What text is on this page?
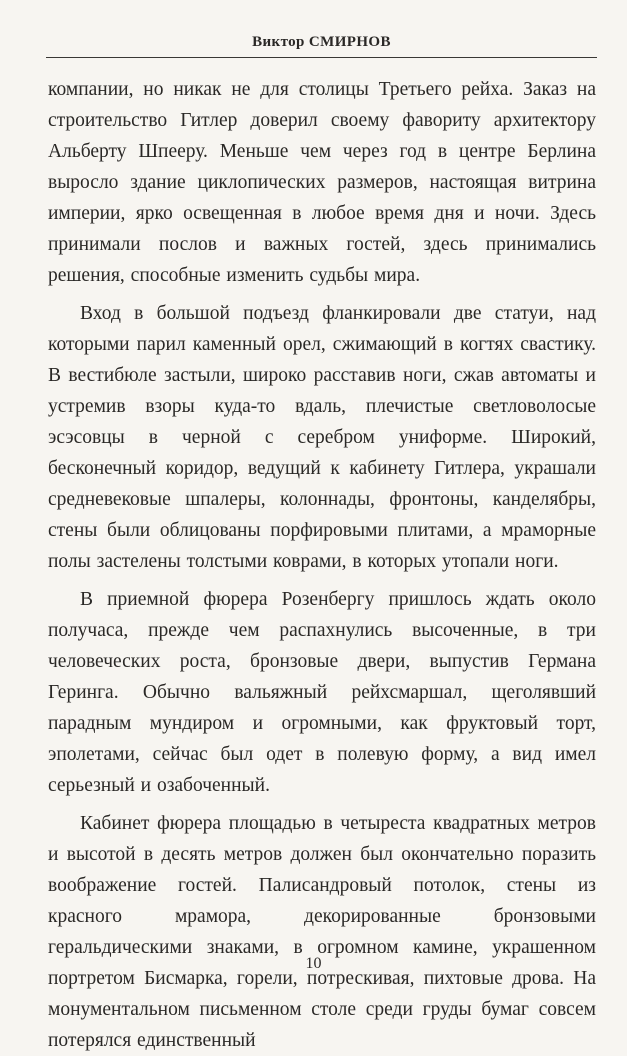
Виктор СМИРНОВ

компании, но никак не для столицы Третьего рейха. Заказ на строительство Гитлер доверил своему фавориту архитектору Альберту Шпееру. Меньше чем через год в центре Берлина выросло здание циклопических размеров, настоящая витрина империи, ярко освещенная в любое время дня и ночи. Здесь принимали послов и важных гостей, здесь принимались решения, способные изменить судьбы мира.

Вход в большой подъезд фланкировали две статуи, над которыми парил каменный орел, сжимающий в когтях свастику. В вестибюле застыли, широко расставив ноги, сжав автоматы и устремив взоры куда-то вдаль, плечистые светловолосые эсэсовцы в черной с серебром униформе. Широкий, бесконечный коридор, ведущий к кабинету Гитлера, украшали средневековые шпалеры, колоннады, фронтоны, канделябры, стены были облицованы порфировыми плитами, а мраморные полы застелены толстыми коврами, в которых утопали ноги.

В приемной фюрера Розенбергу пришлось ждать около получаса, прежде чем распахнулись высоченные, в три человеческих роста, бронзовые двери, выпустив Германа Геринга. Обычно вальяжный рейхсмаршал, щеголявший парадным мундиром и огромными, как фруктовый торт, эполетами, сейчас был одет в полевую форму, а вид имел серьезный и озабоченный.

Кабинет фюрера площадью в четыреста квадратных метров и высотой в десять метров должен был окончательно поразить воображение гостей. Палисандровый потолок, стены из красного мрамора, декорированные бронзовыми геральдическими знаками, в огромном камине, украшенном портретом Бисмарка, горели, потрескивая, пихтовые дрова. На монументальном письменном столе среди груды бумаг совсем потерялся единственный

10
